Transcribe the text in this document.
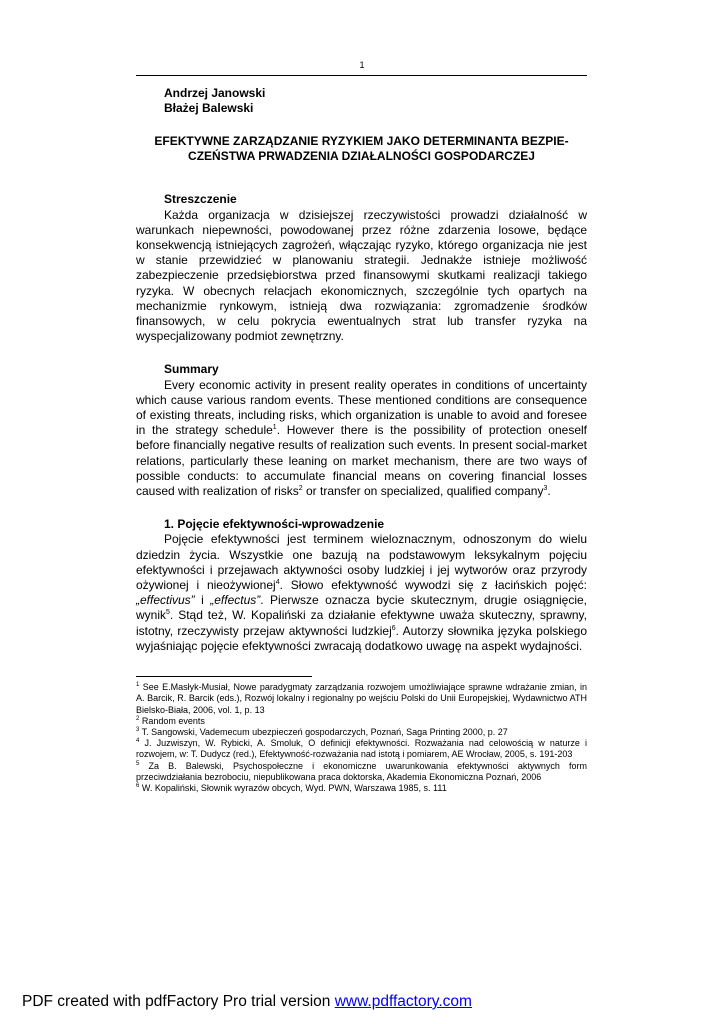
1
Andrzej Janowski
Błażej Balewski
EFEKTYWNE ZARZĄDZANIE RYZYKIEM JAKO DETERMINANTA BEZPIE-
CZEŃSTWA PRWADZENIA DZIAŁALNOŚCI GOSPODARCZEJ
Streszczenie

Każda organizacja w dzisiejszej rzeczywistości prowadzi działalność w warunkach niepewności, powodowanej przez różne zdarzenia losowe, będące konsekwencją istniejących zagrożeń, włączając ryzyko, którego organizacja nie jest w stanie przewidzieć w planowaniu strategii. Jednakże istnieje możliwość zabezpieczenie przedsiębiorstwa przed finansowymi skutkami realizacji takiego ryzyka. W obecnych relacjach ekonomicznych, szczególnie tych opartych na mechanizmie rynkowym, istnieją dwa rozwiązania: zgromadzenie środków finansowych, w celu pokrycia ewentualnych strat lub transfer ryzyka na wyspecjalizowany podmiot zewnętrzny.

Summary

Every economic activity in present reality operates in conditions of uncertainty which cause various random events. These mentioned conditions are consequence of existing threats, including risks, which organization is unable to avoid and foresee in the strategy schedule$^1$. However there is the possibility of protection oneself before financially negative results of realization such events. In present social-market relations, particularly these leaning on market mechanism, there are two ways of possible conducts: to accumulate financial means on covering financial losses caused with realization of risks$^2$ or transfer on specialized, qualified company$^3$.

1. Pojęcie efektywności-wprowadzenie

Pojęcie efektywności jest terminem wieloznacznym, odnoszonym do wielu dziedzin życia. Wszystkie one bazują na podstawowym leksykalnym pojęciu efektywności i przejawach aktywności osoby ludzkiej i jej wytworów oraz przyrody ożywionej i nieożywionej$^4$. Słowo efektywność wywodzi się z łacińskich pojęć: „effectivus” i „effectus”. Pierwsze oznacza bycie skutecznym, drugie osiągnięcie, wynik$^5$. Stąd też, W. Kopaliński za działanie efektywne uważa skuteczny, sprawny, istotny, rzeczywisty przejaw aktywności ludzkiej$^6$. Autorzy słownika języka polskiego wyjaśniając pojęcie efektywności zwracają dodatkowo uwagę na aspekt wydajności.

$^1$ See E.Masłyk-Musiał, Nowe paradygmaty zarządzania rozwojem umożliwiające sprawne wdrażanie zmian, in A. Barcik, R. Barcik (eds.), Rozwój lokalny i regionalny po wejściu Polski do Unii Europejskiej, Wydawnictwo ATH Bielsko-Biała, 2006, vol. 1, p. 13
$^2$ Random events
$^3$ T. Sangowski, Vademecum ubezpieczeń gospodarczych, Poznań, Saga Printing 2000, p. 27
$^4$ J. Juzwiszyn, W. Rybicki, A. Smoluk, O definicji efektywności. Rozważania nad celowością w naturze i rozwojem, w: T. Dudycz (red.), Efektywność-rozważania nad istotą i pomiarem, AE Wrocław, 2005, s. 191-203
$^5$ Za B. Balewski, Psychospołeczne i ekonomiczne uwarunkowania efektywności aktywnych form przeciwdziałania bezrobociu, niepublikowana praca doktorska, Akademia Ekonomiczna Poznań, 2006
$^6$ W. Kopaliński, Słownik wyrazów obcych, Wyd. PWN, Warszawa 1985, s. 111
PDF created with pdfFactory Pro trial version www.pdffactory.com
